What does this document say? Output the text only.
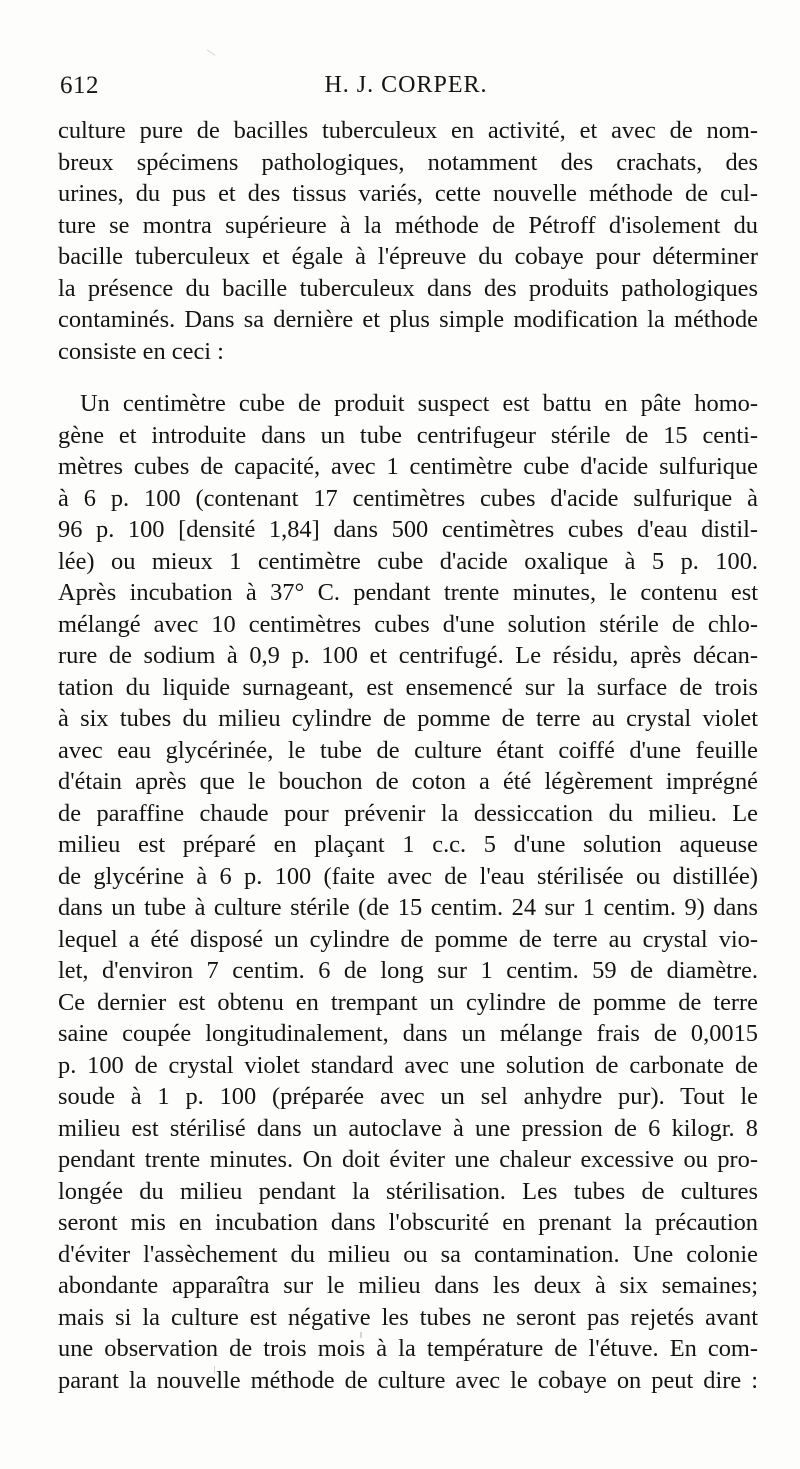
612	H. J. CORPER.
culture pure de bacilles tuberculeux en activité, et avec de nom-
breux spécimens pathologiques, notamment des crachats, des
urines, du pus et des tissus variés, cette nouvelle méthode de cul-
ture se montra supérieure à la méthode de Pétroff d'isolement du
bacille tuberculeux et égale à l'épreuve du cobaye pour déterminer
la présence du bacille tuberculeux dans des produits pathologiques
contaminés. Dans sa dernière et plus simple modification la méthode
consiste en ceci :
Un centimètre cube de produit suspect est battu en pâte homo-
gène et introduite dans un tube centrifugeur stérile de 15 centi-
mètres cubes de capacité, avec 1 centimètre cube d'acide sulfurique
à 6 p. 100 (contenant 17 centimètres cubes d'acide sulfurique à
96 p. 100 [densité 1,84] dans 500 centimètres cubes d'eau distil-
lée) ou mieux 1 centimètre cube d'acide oxalique à 5 p. 100.
Après incubation à 37° C. pendant trente minutes, le contenu est
mélangé avec 10 centimètres cubes d'une solution stérile de chlo-
rure de sodium à 0,9 p. 100 et centrifugé. Le résidu, après décan-
tation du liquide surnageant, est ensemencé sur la surface de trois
à six tubes du milieu cylindre de pomme de terre au crystal violet
avec eau glycérinée, le tube de culture étant coiffé d'une feuille
d'étain après que le bouchon de coton a été légèrement imprégné
de paraffine chaude pour prévenir la dessiccation du milieu. Le
milieu est préparé en plaçant 1 c.c. 5 d'une solution aqueuse
de glycérine à 6 p. 100 (faite avec de l'eau stérilisée ou distillée)
dans un tube à culture stérile (de 15 centim. 24 sur 1 centim. 9) dans
lequel a été disposé un cylindre de pomme de terre au crystal vio-
let, d'environ 7 centim. 6 de long sur 1 centim. 59 de diamètre.
Ce dernier est obtenu en trempant un cylindre de pomme de terre
saine coupée longitudinalement, dans un mélange frais de 0,0015
p. 100 de crystal violet standard avec une solution de carbonate de
soude à 1 p. 100 (préparée avec un sel anhydre pur). Tout le
milieu est stérilisé dans un autoclave à une pression de 6 kilogr. 8
pendant trente minutes. On doit éviter une chaleur excessive ou pro-
longée du milieu pendant la stérilisation. Les tubes de cultures
seront mis en incubation dans l'obscurité en prenant la précaution
d'éviter l'assèchement du milieu ou sa contamination. Une colonie
abondante apparaîtra sur le milieu dans les deux à six semaines;
mais si la culture est négative les tubes ne seront pas rejetés avant
une observation de trois mois à la température de l'étuve. En com-
parant la nouvelle méthode de culture avec le cobaye on peut dire :
